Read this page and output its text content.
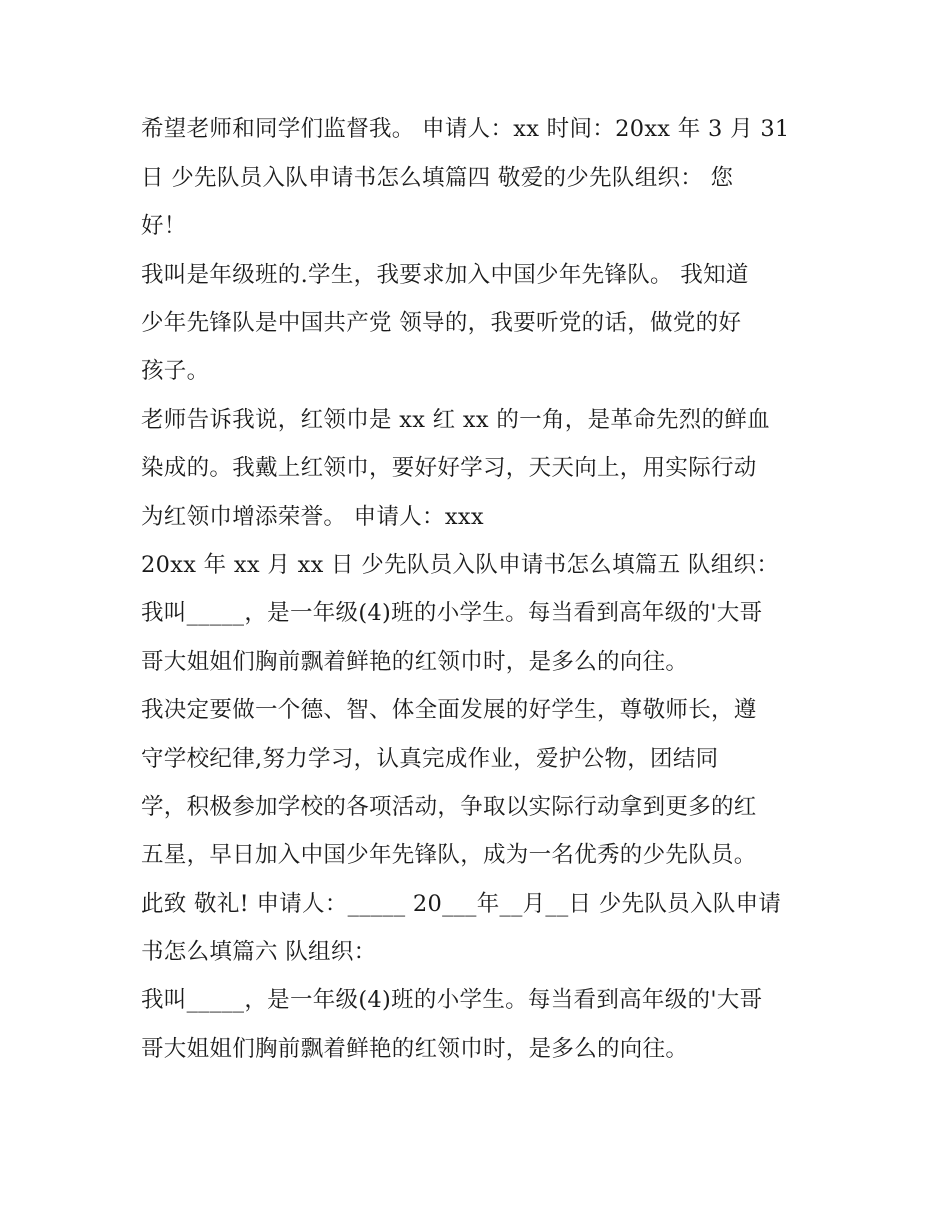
希望老师和同学们监督我。 申请人：xx 时间：20xx 年 3 月 31
日 少先队员入队申请书怎么填篇四 敬爱的少先队组织： 您
好！
我叫是年级班的.学生，我要求加入中国少年先锋队。 我知道
少年先锋队是中国共产党 领导的，我要听党的话，做党的好
孩子。
老师告诉我说，红领巾是 xx 红 xx 的一角，是革命先烈的鲜血
染成的。我戴上红领巾，要好好学习，天天向上，用实际行动
为红领巾增添荣誉。 申请人：xxx
20xx 年 xx 月 xx 日 少先队员入队申请书怎么填篇五 队组织：
我叫_____，是一年级(4)班的小学生。每当看到高年级的'大哥
哥大姐姐们胸前飘着鲜艳的红领巾时，是多么的向往。
我决定要做一个德、智、体全面发展的好学生，尊敬师长，遵
守学校纪律,努力学习，认真完成作业，爱护公物，团结同
学，积极参加学校的各项活动，争取以实际行动拿到更多的红
五星，早日加入中国少年先锋队，成为一名优秀的少先队员。
此致 敬礼! 申请人：_____ 20___年__月__日 少先队员入队申请
书怎么填篇六 队组织：
我叫_____，是一年级(4)班的小学生。每当看到高年级的'大哥
哥大姐姐们胸前飘着鲜艳的红领巾时，是多么的向往。
